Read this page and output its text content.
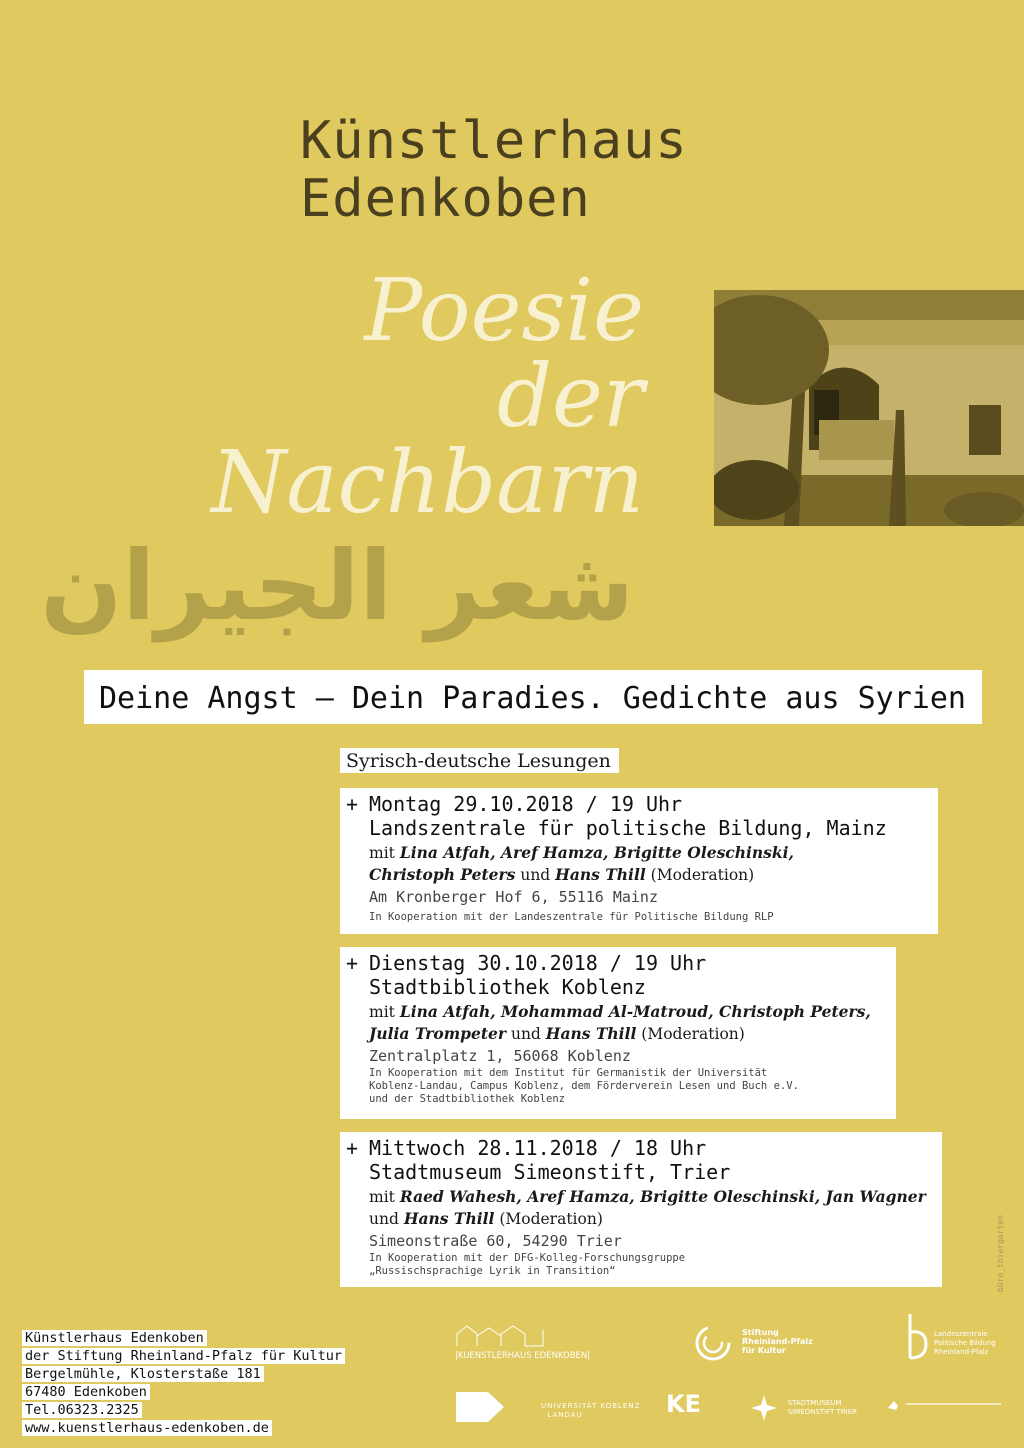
Künstlerhaus
Edenkoben
Poesie
der
Nachbarn
شعر الجيران
Deine Angst – Dein Paradies. Gedichte aus Syrien
Syrisch-deutsche Lesungen
+ Montag 29.10.2018 / 19 Uhr
Landszentrale für politische Bildung, Mainz
mit Lina Atfah, Aref Hamza, Brigitte Oleschinski,
Christoph Peters und Hans Thill (Moderation)
Am Kronberger Hof 6, 55116 Mainz
In Kooperation mit der Landeszentrale für Politische Bildung RLP
+ Dienstag 30.10.2018 / 19 Uhr
Stadtbibliothek Koblenz
mit Lina Atfah, Mohammad Al-Matroud, Christoph Peters,
Julia Trompeter und Hans Thill (Moderation)
Zentralplatz 1, 56068 Koblenz
In Kooperation mit dem Institut für Germanistik der Universität
Koblenz-Landau, Campus Koblenz, dem Förderverein Lesen und Buch e.V.
und der Stadtbibliothek Koblenz
+ Mittwoch 28.11.2018 / 18 Uhr
Stadtmuseum Simeonstift, Trier
mit Raed Wahesh, Aref Hamza, Brigitte Oleschinski, Jan Wagner
und Hans Thill (Moderation)
Simeonstraße 60, 54290 Trier
In Kooperation mit der DFG-Kolleg-Forschungsgruppe
„Russischsprachige Lyrik in Transition“	büro_thiergarten
Künstlerhaus Edenkoben
der Stiftung Rheinland-Pfalz für Kultur
Bergelmühle, Klosterstaße 181
67480 Edenkoben
Tel.06323.2325
www.kuenstlerhaus-edenkoben.de
|KUENSTLERHAUS EDENKOBEN|
Stiftung
Rheinland-Pfalz
für Kultur
Landeszentrale
Politische Bildung
Rheinland-Pfalz
UNIVERSITÄT KOBLENZ · LANDAU	KE	STADTMUSEUM SIMEONSTIFT TRIER
